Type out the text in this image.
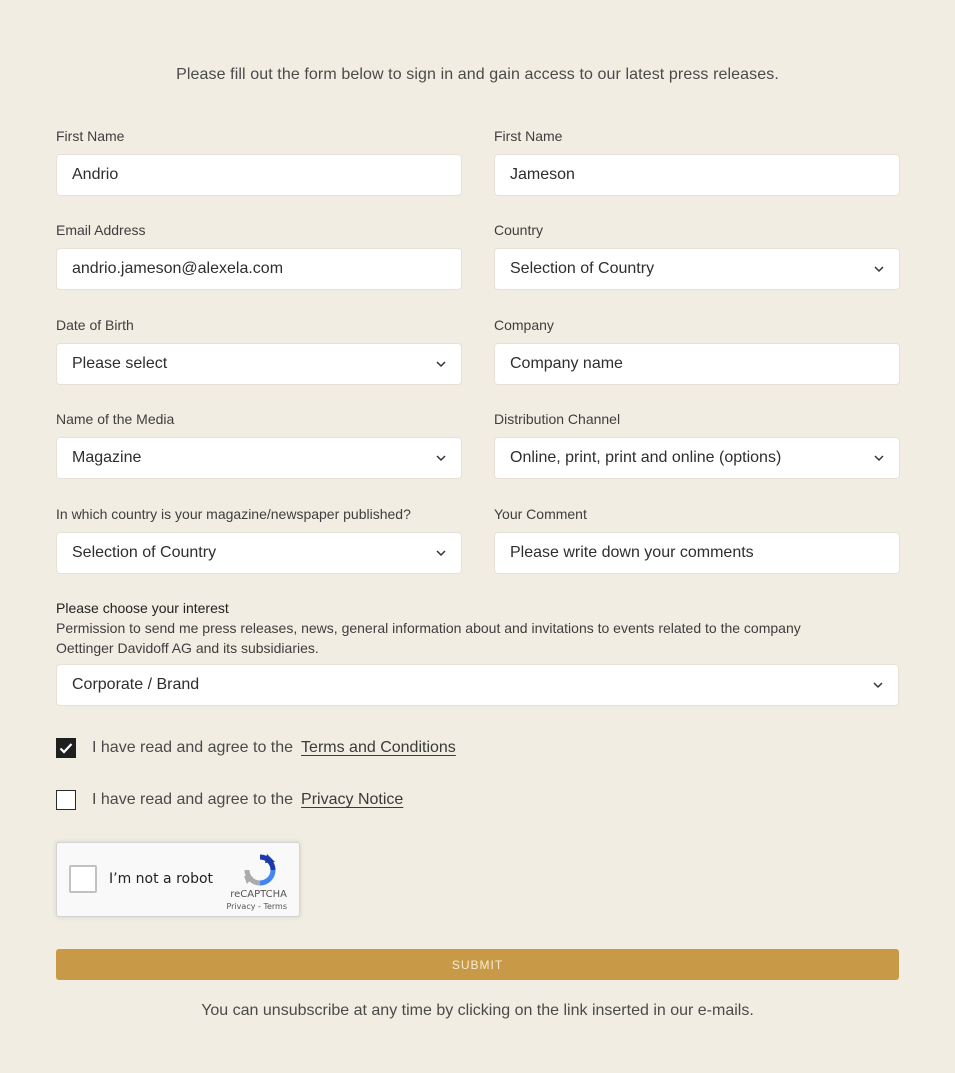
Please fill out the form below to sign in and gain access to our latest press releases.
First Name
Andrio
First Name
Jameson
Email Address
andrio.jameson@alexela.com
Country
Selection of Country
Date of Birth
Please select
Company
Company name
Name of the Media
Magazine
Distribution Channel
Online, print, print and online (options)
In which country is your magazine/newspaper published?
Selection of Country
Your Comment
Please write down your comments
Please choose your interest
Permission to send me press releases, news, general information about and invitations to events related to the company Oettinger Davidoff AG and its subsidiaries.
Corporate / Brand
I have read and agree to the Terms and Conditions
I have read and agree to the Privacy Notice
I’m not a robot
reCAPTCHA
Privacy - Terms
SUBMIT
You can unsubscribe at any time by clicking on the link inserted in our e-mails.
